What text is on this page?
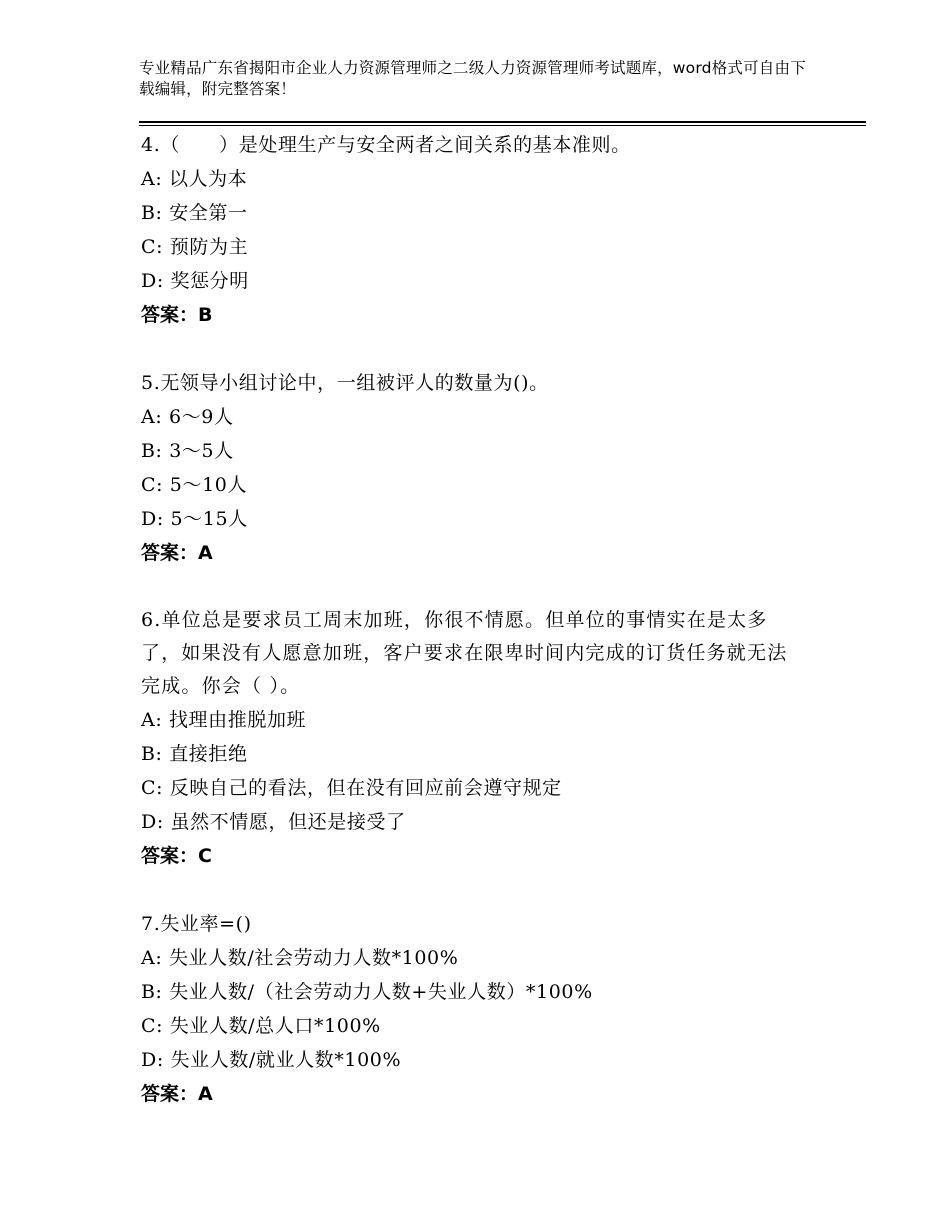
专业精品广东省揭阳市企业人力资源管理师之二级人力资源管理师考试题库，word格式可自由下载编辑，附完整答案！
4.（　　）是处理生产与安全两者之间关系的基本准则。
A: 以人为本
B: 安全第一
C: 预防为主
D: 奖惩分明
答案：B
5.无领导小组讨论中，一组被评人的数量为()。
A: 6～9人
B: 3～5人
C: 5～10人
D: 5～15人
答案：A
6.单位总是要求员工周末加班，你很不情愿。但单位的事情实在是太多了，如果没有人愿意加班，客户要求在限卑时间内完成的订货任务就无法完成。你会（ ）。
A: 找理由推脱加班
B: 直接拒绝
C: 反映自己的看法，但在没有回应前会遵守规定
D: 虽然不情愿，但还是接受了
答案：C
7.失业率=()
A: 失业人数/社会劳动力人数*100%
B: 失业人数/（社会劳动力人数+失业人数）*100%
C: 失业人数/总人口*100%
D: 失业人数/就业人数*100%
答案：A
